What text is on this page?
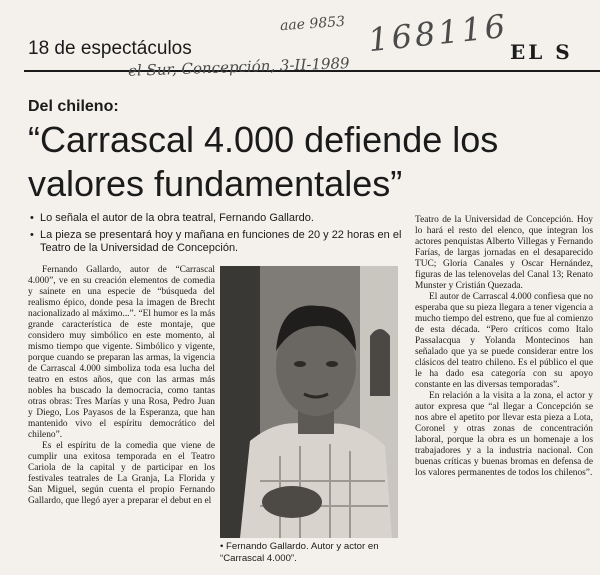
18 de espectáculos
aae 9853 168116 EL S
el Sur, Concepción, 3-II-1989
Del chileno:
“Carrascal 4.000 defiende los valores fundamentales”
• Lo señala el autor de la obra teatral, Fernando Gallardo.
• La pieza se presentará hoy y mañana en funciones de 20 y 22 horas en el Teatro de la Universidad de Concepción.

Fernando Gallardo, autor de “Carrascal 4.000”, ve en su creación elementos de comedia y sainete en una especie de “búsqueda del realismo épico, donde pesa la imagen de Brecht nacionalizado al máximo...”. “El humor es la más grande característica de este montaje, que considero muy simbólico en este momento, al mismo tiempo que vigente. Simbólico y vigente, porque cuando se preparan las armas, la vigencia de Carrascal 4.000 simboliza toda esa lucha del teatro en estos años, que con las armas más nobles ha buscado la democracia, como tantas otras obras: Tres Marías y una Rosa, Pedro Juan y Diego, Los Payasos de la Esperanza, que han mantenido vivo el espíritu democrático del chileno”.

Es el espíritu de la comedia que viene de cumplir una exitosa temporada en el Teatro Cariola de la capital y de participar en los festivales teatrales de La Granja, La Florida y San Miguel, según cuenta el propio Fernando Gallardo, que llegó ayer a preparar el debut en el

• Fernando Gallardo. Autor y actor en “Carrascal 4.000”.

Teatro de la Universidad de Concepción. Hoy lo hará el resto del elenco, que integran los actores penquistas Alberto Villegas y Fernando Farías, de largas jornadas en el desaparecido TUC; Gloria Canales y Oscar Hernández, figuras de las telenovelas del Canal 13; Renato Munster y Cristián Quezada.

El autor de Carrascal 4.000 confiesa que no esperaba que su pieza llegara a tener vigencia a mucho tiempo del estreno, que fue al comienzo de esta década. “Pero críticos como Italo Passalacqua y Yolanda Montecinos han señalado que ya se puede considerar entre los clásicos del teatro chileno. Es el público el que le ha dado esa categoría con su apoyo constante en las diversas temporadas”.

En relación a la visita a la zona, el actor y autor expresa que “al llegar a Concepción se nos abre el apetito por llevar esta pieza a Lota, Coronel y otras zonas de concentración laboral, porque la obra es un homenaje a los trabajadores y a la industria nacional. Con buenas críticas y buenas bromas en defensa de los valores permanentes de todos los chilenos”.
